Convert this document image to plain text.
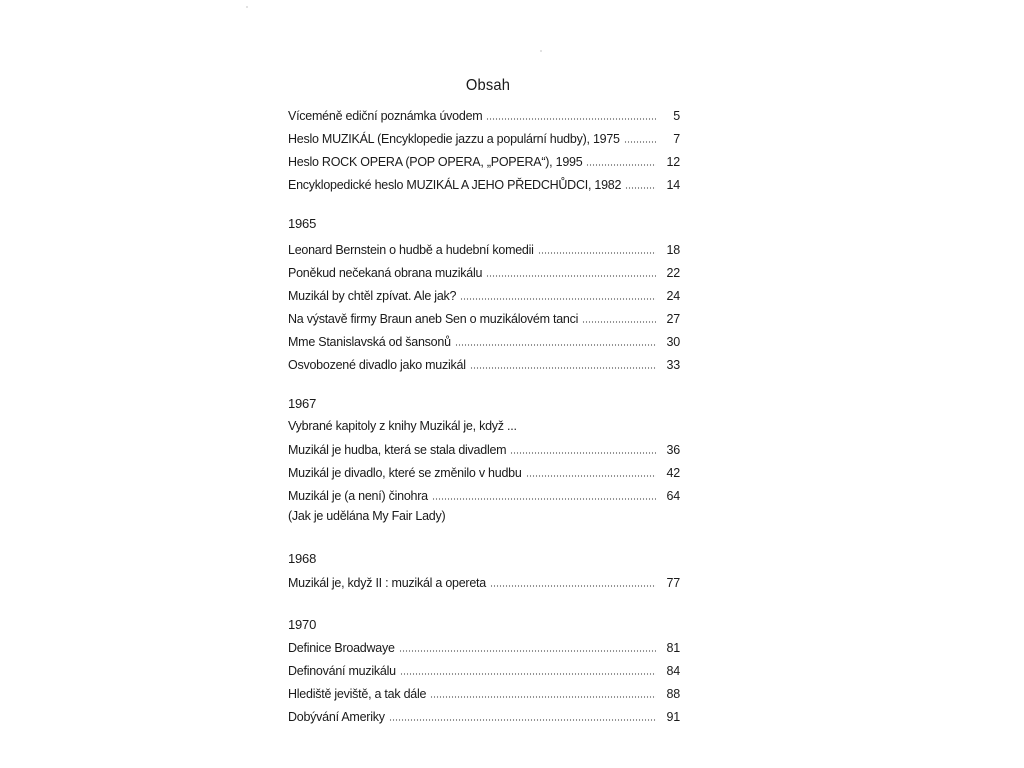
Obsah
Víceméně ediční poznámka úvodem	5
Heslo MUZIKÁL (Encyklopedie jazzu a populární hudby), 1975	7
Heslo ROCK OPERA (POP OPERA, „POPERA“), 1995	12
Encyklopedické heslo MUZIKÁL A JEHO PŘEDCHŮDCI, 1982	14
1965
Leonard Bernstein o hudbě a hudební komedii	18
Poněkud nečekaná obrana muzikálu	22
Muzikál by chtěl zpívat. Ale jak?	24
Na výstavě firmy Braun aneb Sen o muzikálovém tanci	27
Mme Stanislavská od šansonů	30
Osvobozené divadlo jako muzikál	33
1967
Vybrané kapitoly z knihy Muzikál je, když ...
Muzikál je hudba, která se stala divadlem	36
Muzikál je divadlo, které se změnilo v hudbu	42
Muzikál je (a není) činohra	64
(Jak je udělána My Fair Lady)
1968
Muzikál je, když II : muzikál a opereta	77
1970
Definice Broadwaye	81
Definování muzikálu	84
Hlediště jeviště, a tak dále	88
Dobývání Ameriky	91
